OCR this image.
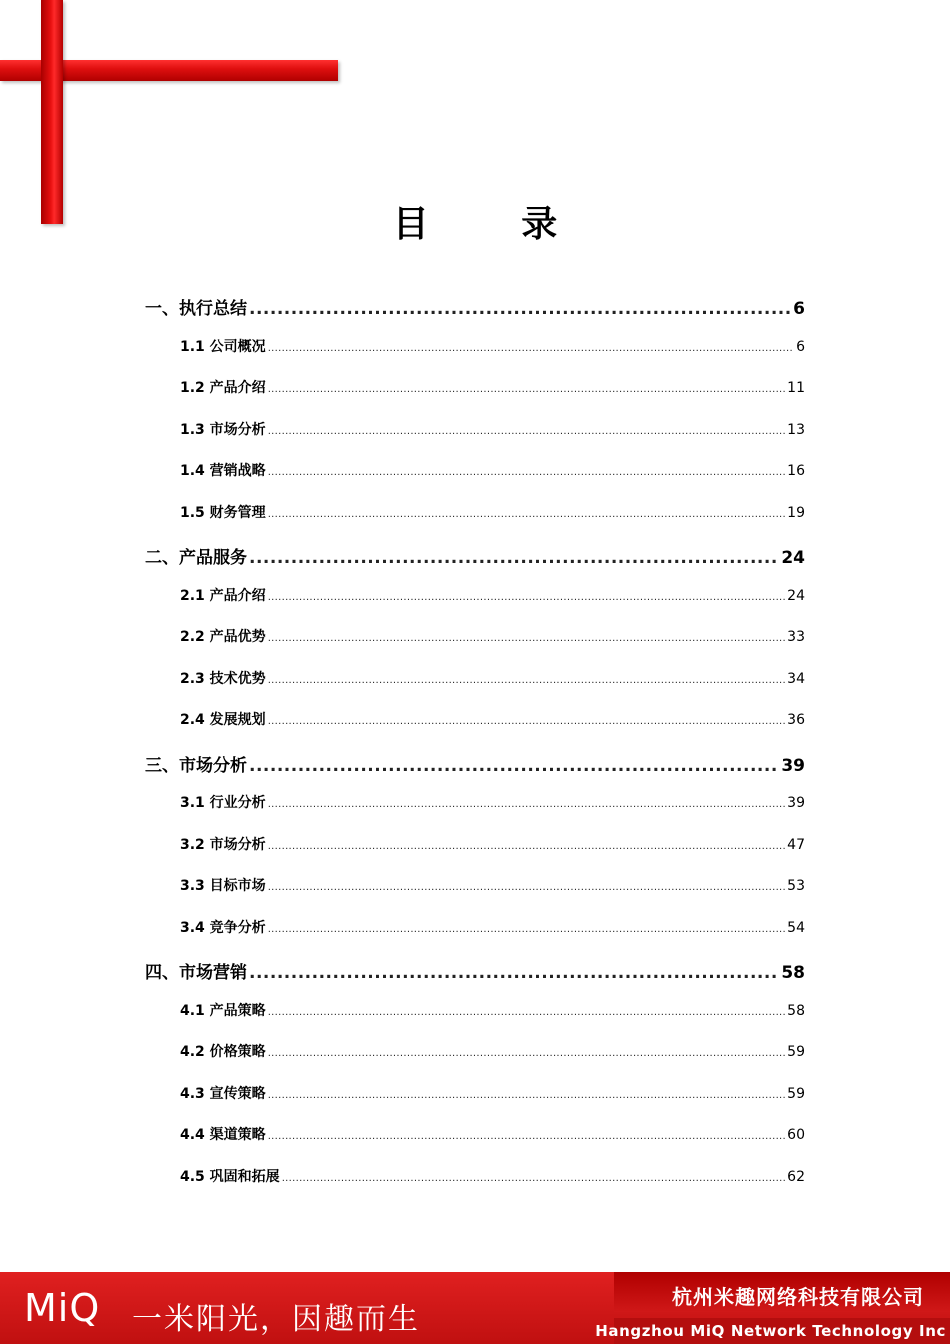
目 录
一、执行总结 .....	6
1.1 公司概况 .....	6
1.2 产品介绍 .....	11
1.3 市场分析 .....	13
1.4 营销战略 .....	16
1.5 财务管理 .....	19
二、产品服务 .....	24
2.1 产品介绍 .....	24
2.2 产品优势 .....	33
2.3 技术优势 .....	34
2.4 发展规划 .....	36
三、市场分析 .....	39
3.1 行业分析 .....	39
3.2 市场分析 .....	47
3.3 目标市场 .....	53
3.4 竞争分析 .....	54
四、市场营销 .....	58
4.1 产品策略 .....	58
4.2 价格策略 .....	59
4.3 宣传策略 .....	59
4.4 渠道策略 .....	60
4.5 巩固和拓展 .....	62
MiQ 一米阳光，因趣而生
杭州米趣网络科技有限公司
Hangzhou MiQ Network Technology Inc
